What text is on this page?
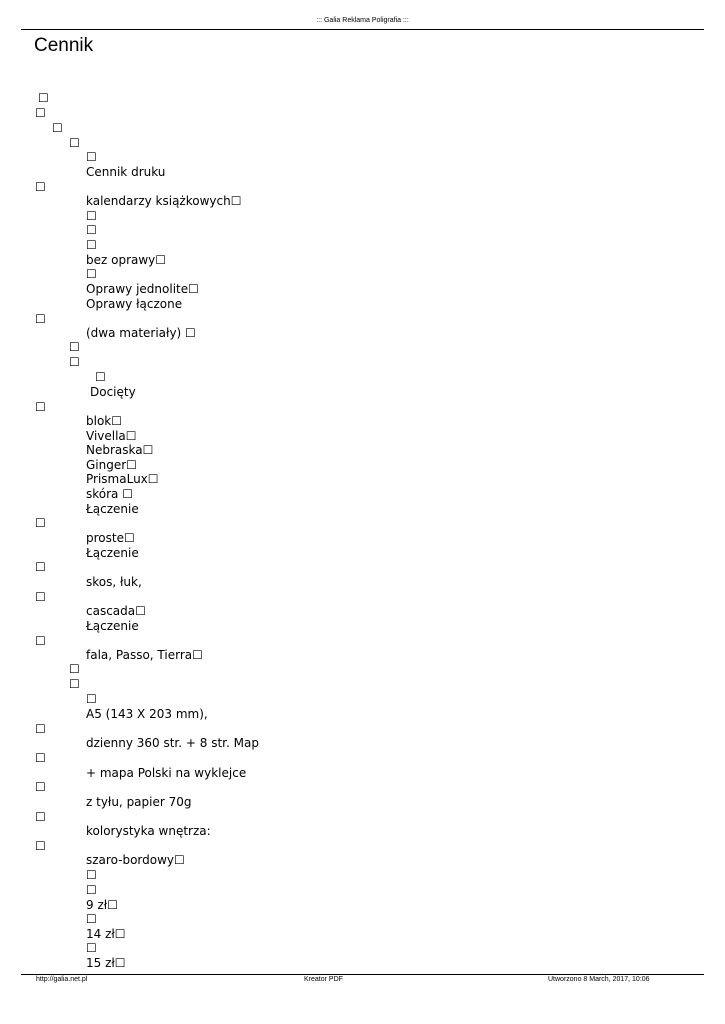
::: Galia Reklama Poligrafia :::
Cennik
☐
☐
☐
☐
☐
Cennik druku
☐
kalendarzy książkowych☐
☐
☐
☐
bez oprawy☐
☐
Oprawy jednolite☐
Oprawy łączone
☐
(dwa materiały) ☐
☐
☐
☐
Docięty
☐
blok☐
Vivella☐
Nebraska☐
Ginger☐
PrismaLux☐
skóra ☐
Łączenie
☐
proste☐
Łączenie
☐
skos, łuk,
☐
cascada☐
Łączenie
☐
fala, Passo, Tierra☐
☐
☐
☐
A5 (143 X 203 mm),
☐
dzienny 360 str. + 8 str. Map
☐
+ mapa Polski na wyklejce
☐
z tyłu, papier 70g
☐
kolorystyka wnętrza:
☐
szaro-bordowy☐
☐
☐
9 zł☐
☐
14 zł☐
☐
15 zł☐
http://galia.net.pl	Kreator PDF	Utworzono 8 March, 2017, 10:06
